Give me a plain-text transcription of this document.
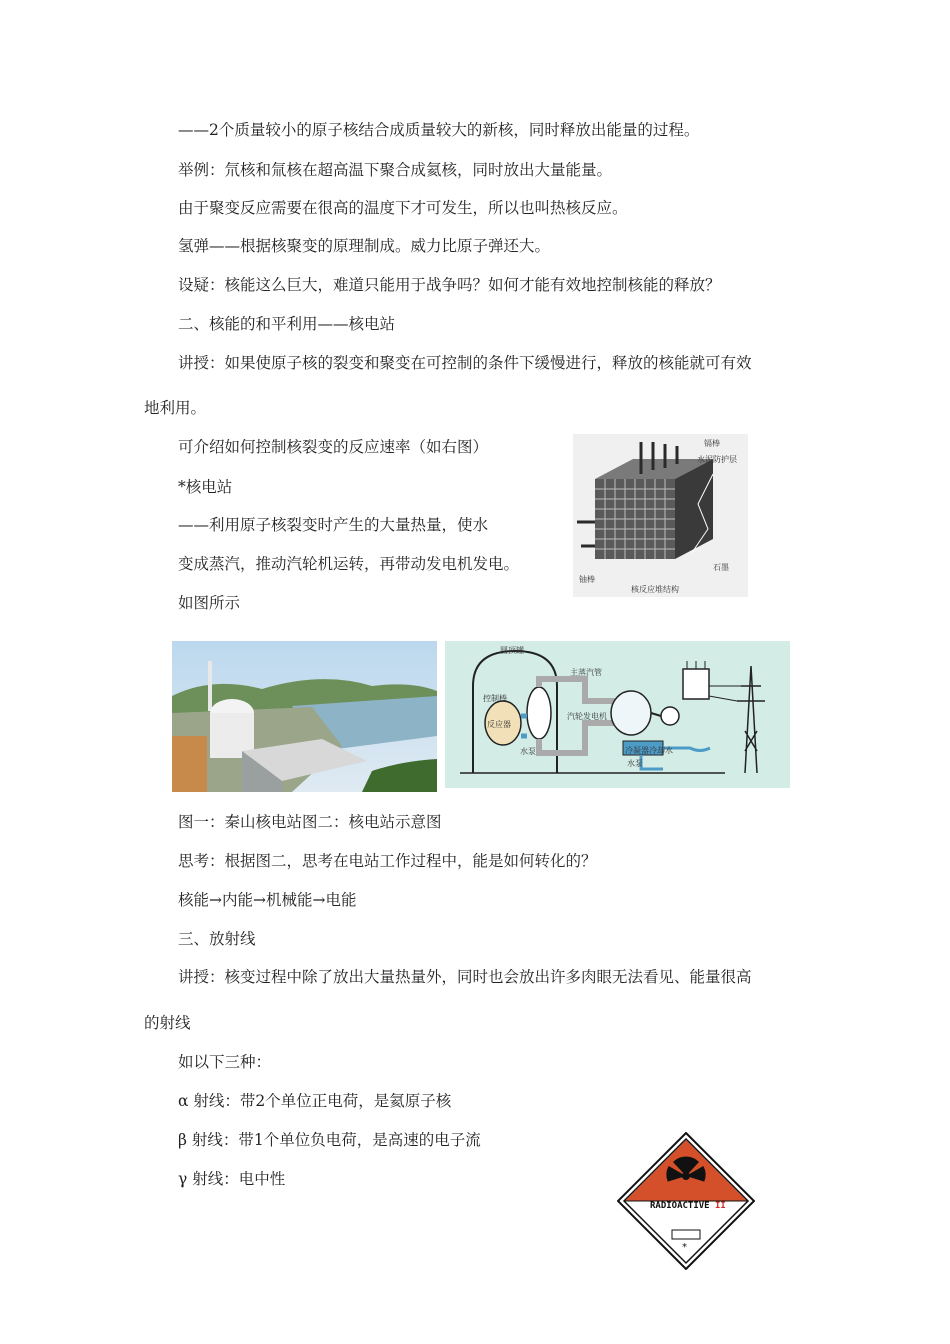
——2个质量较小的原子核结合成质量较大的新核，同时释放出能量的过程。
举例：氘核和氚核在超高温下聚合成氦核，同时放出大量能量。
由于聚变反应需要在很高的温度下才可发生，所以也叫热核反应。
氢弹——根据核聚变的原理制成。威力比原子弹还大。
设疑：核能这么巨大，难道只能用于战争吗？如何才能有效地控制核能的释放？
二、核能的和平利用——核电站
讲授：如果使原子核的裂变和聚变在可控制的条件下缓慢进行，释放的核能就可有效
地利用。
可介绍如何控制核裂变的反应速率（如右图）
*核电站
——利用原子核裂变时产生的大量热量，使水
变成蒸汽，推动汽轮机运转，再带动发电机发电。
如图所示
镉棒
水泥防护层
石墨
铀棒
核反应堆结构
圆顶罐
控制棒
主蒸汽管
反应器
水泵
汽轮发电机
冷凝器冷却水
水泵
图一：秦山核电站图二：核电站示意图
思考：根据图二，思考在电站工作过程中，能是如何转化的？
核能→内能→机械能→电能
三、放射线
讲授：核变过程中除了放出大量热量外，同时也会放出许多肉眼无法看见、能量很高
的射线
如以下三种：
α 射线：带2个单位正电荷，是氦原子核
β 射线：带1个单位负电荷，是高速的电子流
γ 射线：电中性
RADIOACTIVE II
*
